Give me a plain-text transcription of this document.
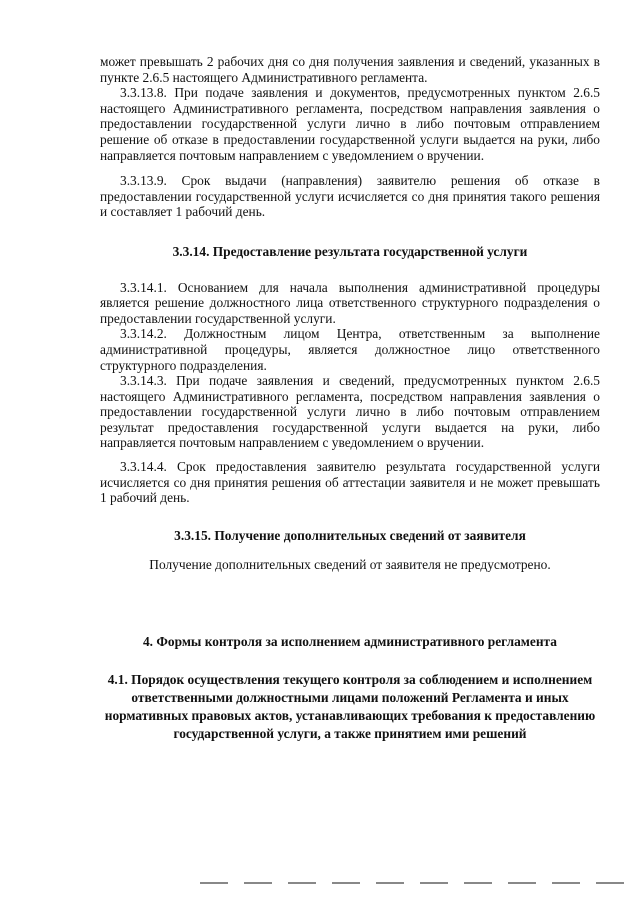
может превышать 2 рабочих дня со дня получения заявления и сведений, указанных в пункте 2.6.5 настоящего Административного регламента.

3.3.13.8. При подаче заявления и документов, предусмотренных пунктом 2.6.5 настоящего Административного регламента, посредством направления заявления о предоставлении государственной услуги лично в либо почтовым отправлением решение об отказе в предоставлении государственной услуги выдается на руки, либо направляется почтовым направлением с уведомлением о вручении.

3.3.13.9. Срок выдачи (направления) заявителю решения об отказе в предоставлении государственной услуги исчисляется со дня принятия такого решения и составляет 1 рабочий день.

3.3.14. Предоставление результата государственной услуги

3.3.14.1. Основанием для начала выполнения административной процедуры является решение должностного лица ответственного структурного подразделения о предоставлении государственной услуги.

3.3.14.2. Должностным лицом Центра, ответственным за выполнение административной процедуры, является должностное лицо ответственного структурного подразделения.

3.3.14.3. При подаче заявления и сведений, предусмотренных пунктом 2.6.5 настоящего Административного регламента, посредством направления заявления о предоставлении государственной услуги лично в либо почтовым отправлением результат предоставления государственной услуги выдается на руки, либо направляется почтовым направлением с уведомлением о вручении.

3.3.14.4. Срок предоставления заявителю результата государственной услуги исчисляется со дня принятия решения об аттестации заявителя и не может превышать 1 рабочий день.

3.3.15. Получение дополнительных сведений от заявителя

Получение дополнительных сведений от заявителя не предусмотрено.

4. Формы контроля за исполнением административного регламента

4.1. Порядок осуществления текущего контроля за соблюдением и исполнением ответственными должностными лицами положений Регламента и иных нормативных правовых актов, устанавливающих требования к предоставлению государственной услуги, а также принятием ими решений
